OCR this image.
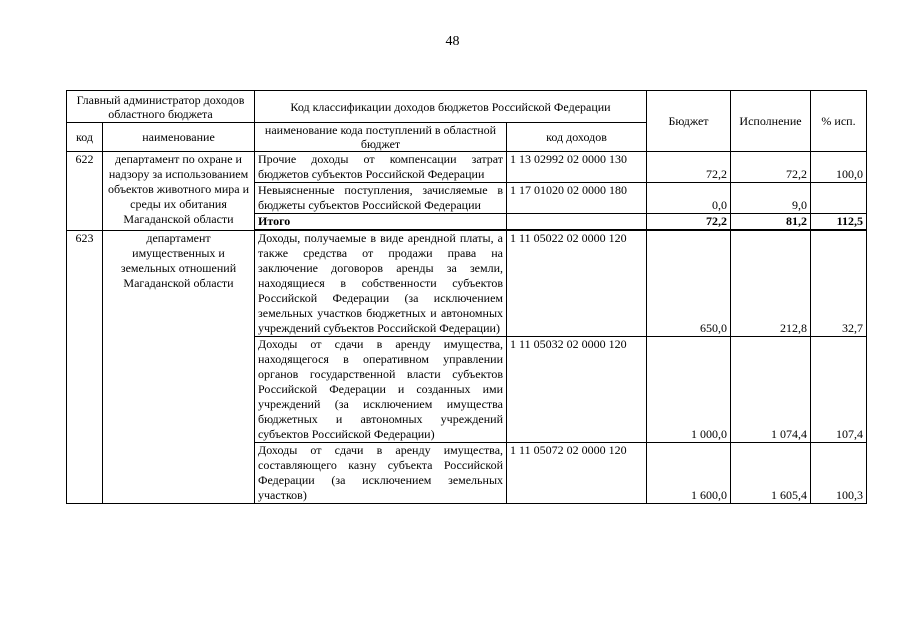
48
Главный администратор доходов областного бюджета		Код классификации доходов бюджетов Российской Федерации		Бюджет	Исполнение	% исп.
код	наименование	наименование кода поступлений в областной бюджет	код доходов			
622	департамент по охране и надзору за использованием объектов животного мира и среды их обитания Магаданской области	Прочие доходы от компенсации затрат бюджетов субъектов Российской Федерации	1 13 02992 02 0000 130	72,2	72,2	100,0
		Невыясненные поступления, зачисляемые в бюджеты субъектов Российской Федерации	1 17 01020 02 0000 180	0,0	9,0	
		Итого		72,2	81,2	112,5
623	департамент имущественных и земельных отношений Магаданской области	Доходы, получаемые в виде арендной платы, а также средства от продажи права на заключение договоров аренды за земли, находящиеся в собственности субъектов Российской Федерации (за исключением земельных участков бюджетных и автономных учреждений субъектов Российской Федерации)	1 11 05022 02 0000 120	650,0	212,8	32,7
		Доходы от сдачи в аренду имущества, находящегося в оперативном управлении органов государственной власти субъектов Российской Федерации и созданных ими учреждений (за исключением имущества бюджетных и автономных учреждений субъектов Российской Федерации)	1 11 05032 02 0000 120	1 000,0	1 074,4	107,4
		Доходы от сдачи в аренду имущества, составляющего казну субъекта Российской Федерации (за исключением земельных участков)	1 11 05072 02 0000 120	1 600,0	1 605,4	100,3
